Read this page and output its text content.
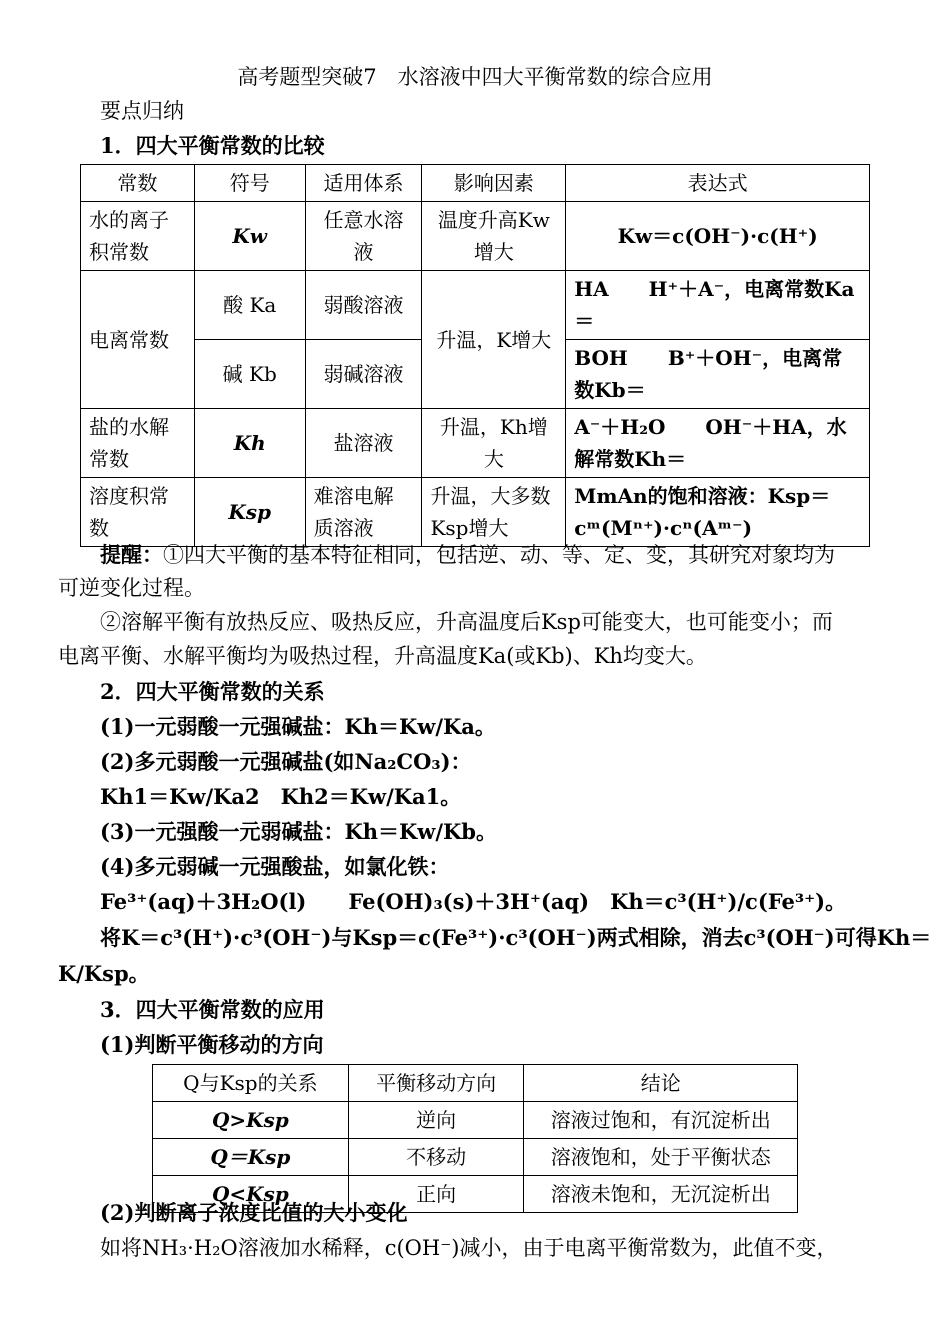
高考题型突破7　水溶液中四大平衡常数的综合应用
要点归纳
1．四大平衡常数的比较
常数	符号	适用体系	影响因素	表达式
水的离子积常数	Kw	任意水溶液	温度升高Kw增大	Kw＝c(OH⁻)·c(H⁺)
电离常数	酸 Ka	弱酸溶液	升温，K增大	HA　　H⁺＋A⁻，电离常数Ka＝
	碱 Kb	弱碱溶液		BOH　　B⁺＋OH⁻，电离常数Kb＝
盐的水解常数	Kh	盐溶液	升温，Kh增大	A⁻＋H₂O　　OH⁻＋HA，水解常数Kh＝
溶度积常数	Ksp	难溶电解质溶液	升温，大多数Ksp增大	MmAn的饱和溶液：Ksp＝cᵐ(Mⁿ⁺)·cⁿ(Aᵐ⁻)
提醒：①四大平衡的基本特征相同，包括逆、动、等、定、变，其研究对象均为
可逆变化过程。
②溶解平衡有放热反应、吸热反应，升高温度后Ksp可能变大，也可能变小；而
电离平衡、水解平衡均为吸热过程，升高温度Ka(或Kb)、Kh均变大。
2．四大平衡常数的关系
(1)一元弱酸一元强碱盐：Kh＝Kw/Ka。
(2)多元弱酸一元强碱盐(如Na₂CO₃)：
Kh1＝Kw/Ka2　Kh2＝Kw/Ka1。
(3)一元强酸一元弱碱盐：Kh＝Kw/Kb。
(4)多元弱碱一元强酸盐，如氯化铁：
Fe³⁺(aq)＋3H₂O(l)　　Fe(OH)₃(s)＋3H⁺(aq)　Kh＝c³(H⁺)/c(Fe³⁺)。
将K＝c³(H⁺)·c³(OH⁻)与Ksp＝c(Fe³⁺)·c³(OH⁻)两式相除，消去c³(OH⁻)可得Kh＝
K/Ksp。
3．四大平衡常数的应用
(1)判断平衡移动的方向
Q与Ksp的关系	平衡移动方向	结论
Q>Ksp	逆向	溶液过饱和，有沉淀析出
Q＝Ksp	不移动	溶液饱和，处于平衡状态
Q<Ksp	正向	溶液未饱和，无沉淀析出
(2)判断离子浓度比值的大小变化
如将NH₃·H₂O溶液加水稀释，c(OH⁻)减小，由于电离平衡常数为，此值不变，
